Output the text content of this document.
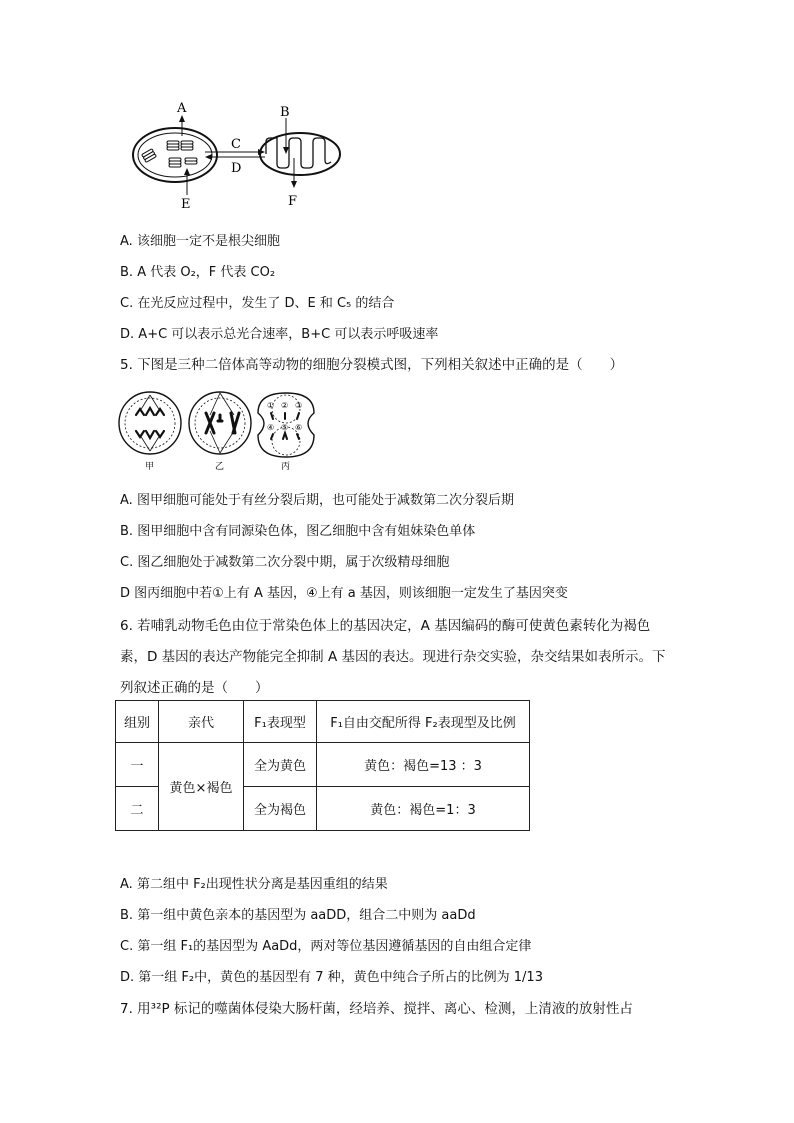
A	B
C
D
E	F
A. 该细胞一定不是根尖细胞
B. A 代表 O₂，F 代表 CO₂
C. 在光反应过程中，发生了 D、E 和 C₅ 的结合
D. A+C 可以表示总光合速率，B+C 可以表示呼吸速率
5. 下图是三种二倍体高等动物的细胞分裂模式图，下列相关叙述中正确的是（　　）
① ② ③
④ ⑤ ⑥
甲	乙	丙
A. 图甲细胞可能处于有丝分裂后期，也可能处于减数第二次分裂后期
B. 图甲细胞中含有同源染色体，图乙细胞中含有姐妹染色单体
C. 图乙细胞处于减数第二次分裂中期，属于次级精母细胞
D 图丙细胞中若①上有 A 基因，④上有 a 基因，则该细胞一定发生了基因突变
6. 若哺乳动物毛色由位于常染色体上的基因决定，A 基因编码的酶可使黄色素转化为褐色
素，D 基因的表达产物能完全抑制 A 基因的表达。现进行杂交实验，杂交结果如表所示。下
列叙述正确的是（　　）
组别	亲代	F₁表现型	F₁自由交配所得 F₂表现型及比例
一	黄色×褐色	全为黄色	黄色：褐色=13 ：3
二		全为褐色	黄色：褐色=1：3
A. 第二组中 F₂出现性状分离是基因重组的结果
B. 第一组中黄色亲本的基因型为 aaDD，组合二中则为 aaDd
C. 第一组 F₁的基因型为 AaDd，两对等位基因遵循基因的自由组合定律
D. 第一组 F₂中，黄色的基因型有 7 种，黄色中纯合子所占的比例为 1/13
7. 用³²P 标记的噬菌体侵染大肠杆菌，经培养、搅拌、离心、检测，上清液的放射性占
